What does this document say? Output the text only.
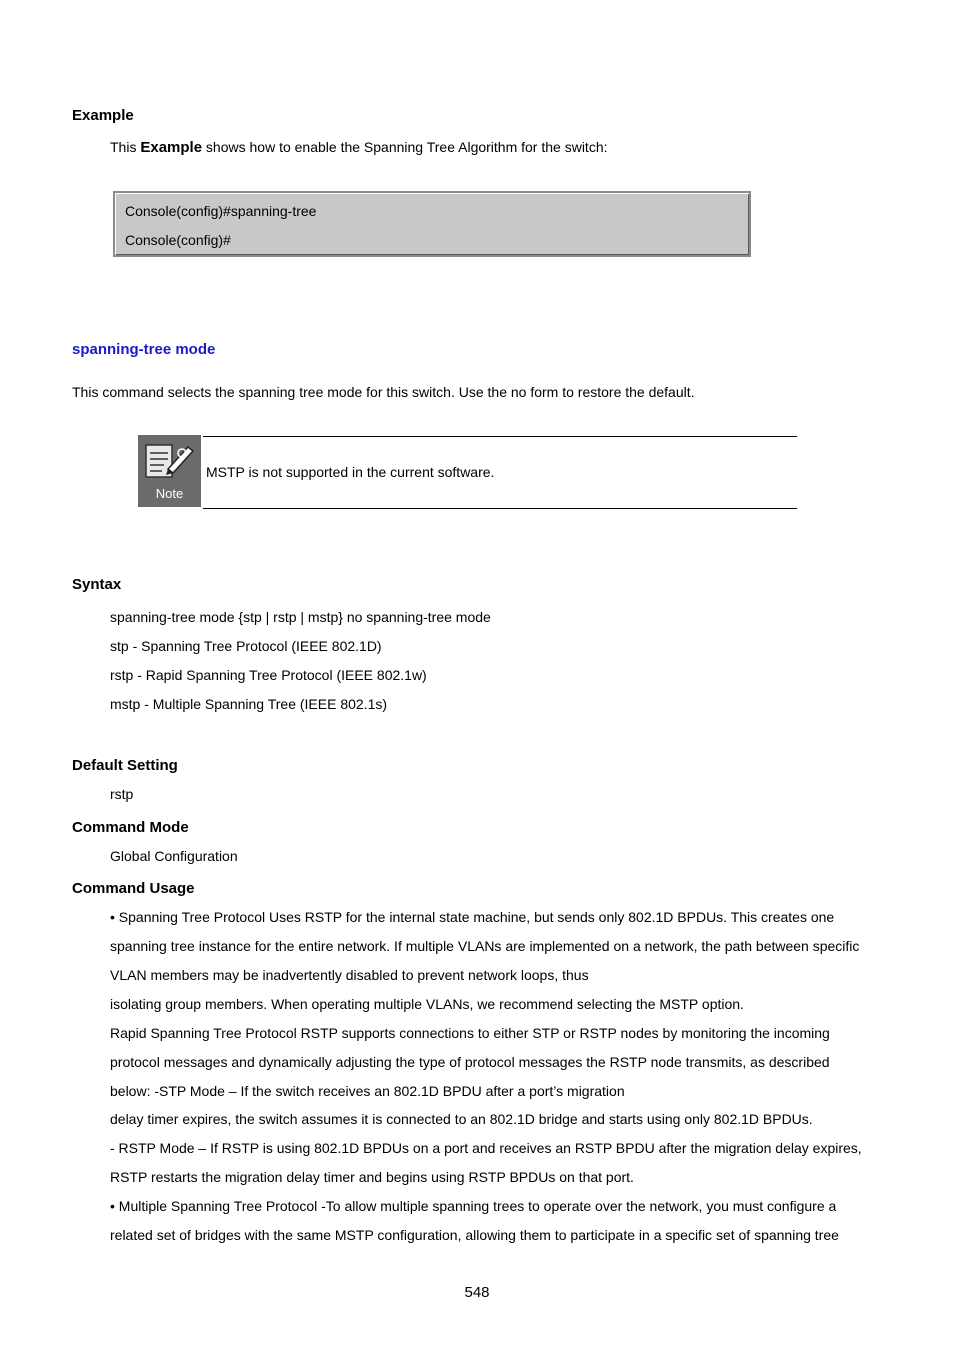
Example
This Example shows how to enable the Spanning Tree Algorithm for the switch:
Console(config)#spanning-tree
Console(config)#
spanning-tree mode
This command selects the spanning tree mode for this switch. Use the no form to restore the default.
Note
MSTP is not supported in the current software.
Syntax
spanning-tree mode {stp | rstp | mstp} no spanning-tree mode
stp - Spanning Tree Protocol (IEEE 802.1D)
rstp - Rapid Spanning Tree Protocol (IEEE 802.1w)
mstp - Multiple Spanning Tree (IEEE 802.1s)
Default Setting
rstp
Command Mode
Global Configuration
Command Usage
• Spanning Tree Protocol Uses RSTP for the internal state machine, but sends only 802.1D BPDUs. This creates one
spanning tree instance for the entire network. If multiple VLANs are implemented on a network, the path between specific
VLAN members may be inadvertently disabled to prevent network loops, thus
isolating group members. When operating multiple VLANs, we recommend selecting the MSTP option.
Rapid Spanning Tree Protocol RSTP supports connections to either STP or RSTP nodes by monitoring the incoming
protocol messages and dynamically adjusting the type of protocol messages the RSTP node transmits, as described
below: -STP Mode – If the switch receives an 802.1D BPDU after a port’s migration
delay timer expires, the switch assumes it is connected to an 802.1D bridge and starts using only 802.1D BPDUs.
- RSTP Mode – If RSTP is using 802.1D BPDUs on a port and receives an RSTP BPDU after the migration delay expires,
RSTP restarts the migration delay timer and begins using RSTP BPDUs on that port.
• Multiple Spanning Tree Protocol -To allow multiple spanning trees to operate over the network, you must configure a
related set of bridges with the same MSTP configuration, allowing them to participate in a specific set of spanning tree
548
